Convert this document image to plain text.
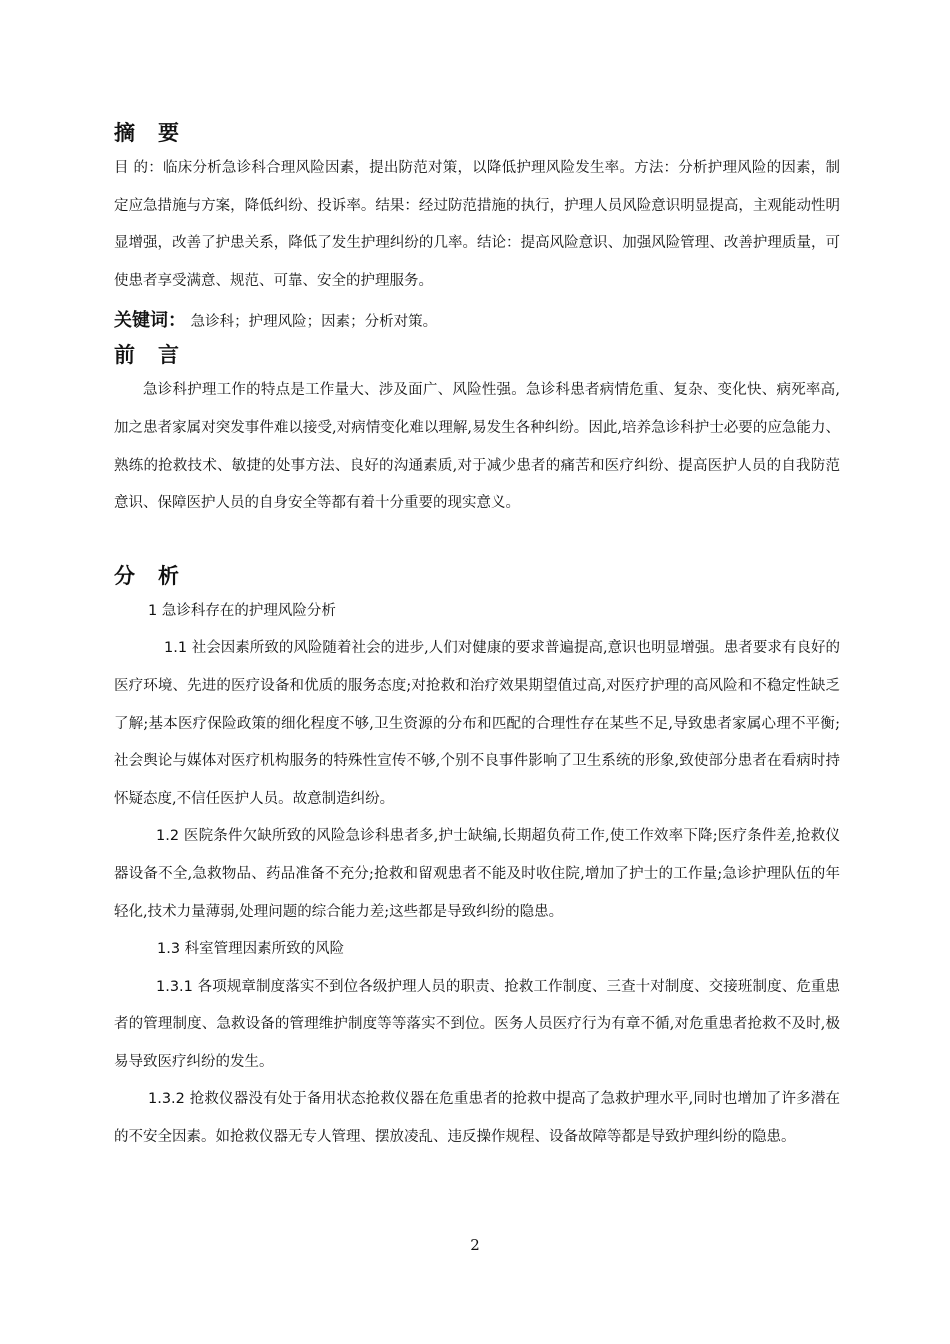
摘　要

目 的：临床分析急诊科合理风险因素，提出防范对策，以降低护理风险发生率。方法：分析护理风险的因素，制定应急措施与方案，降低纠纷、投诉率。结果：经过防范措施的执行，护理人员风险意识明显提高，主观能动性明显增强，改善了护患关系，降低了发生护理纠纷的几率。结论：提高风险意识、加强风险管理、改善护理质量，可使患者享受满意、规范、可靠、安全的护理服务。

关键词： 急诊科；护理风险；因素；分析对策。

前　言

急诊科护理工作的特点是工作量大、涉及面广、风险性强。急诊科患者病情危重、复杂、变化快、病死率高,加之患者家属对突发事件难以接受,对病情变化难以理解,易发生各种纠纷。因此,培养急诊科护士必要的应急能力、熟练的抢救技术、敏捷的处事方法、良好的沟通素质,对于减少患者的痛苦和医疗纠纷、提高医护人员的自我防范意识、保障医护人员的自身安全等都有着十分重要的现实意义。

分　析

1 急诊科存在的护理风险分析

1.1 社会因素所致的风险随着社会的进步,人们对健康的要求普遍提高,意识也明显增强。患者要求有良好的医疗环境、先进的医疗设备和优质的服务态度;对抢救和治疗效果期望值过高,对医疗护理的高风险和不稳定性缺乏了解;基本医疗保险政策的细化程度不够,卫生资源的分布和匹配的合理性存在某些不足,导致患者家属心理不平衡;社会舆论与媒体对医疗机构服务的特殊性宣传不够,个别不良事件影响了卫生系统的形象,致使部分患者在看病时持怀疑态度,不信任医护人员。故意制造纠纷。

1.2 医院条件欠缺所致的风险急诊科患者多,护士缺编,长期超负荷工作,使工作效率下降;医疗条件差,抢救仪器设备不全,急救物品、药品准备不充分;抢救和留观患者不能及时收住院,增加了护士的工作量;急诊护理队伍的年轻化,技术力量薄弱,处理问题的综合能力差;这些都是导致纠纷的隐患。

1.3 科室管理因素所致的风险

1.3.1 各项规章制度落实不到位各级护理人员的职责、抢救工作制度、三查十对制度、交接班制度、危重患者的管理制度、急救设备的管理维护制度等等落实不到位。医务人员医疗行为有章不循,对危重患者抢救不及时,极易导致医疗纠纷的发生。

1.3.2 抢救仪器没有处于备用状态抢救仪器在危重患者的抢救中提高了急救护理水平,同时也增加了许多潜在的不安全因素。如抢救仪器无专人管理、摆放凌乱、违反操作规程、设备故障等都是导致护理纠纷的隐患。

2
